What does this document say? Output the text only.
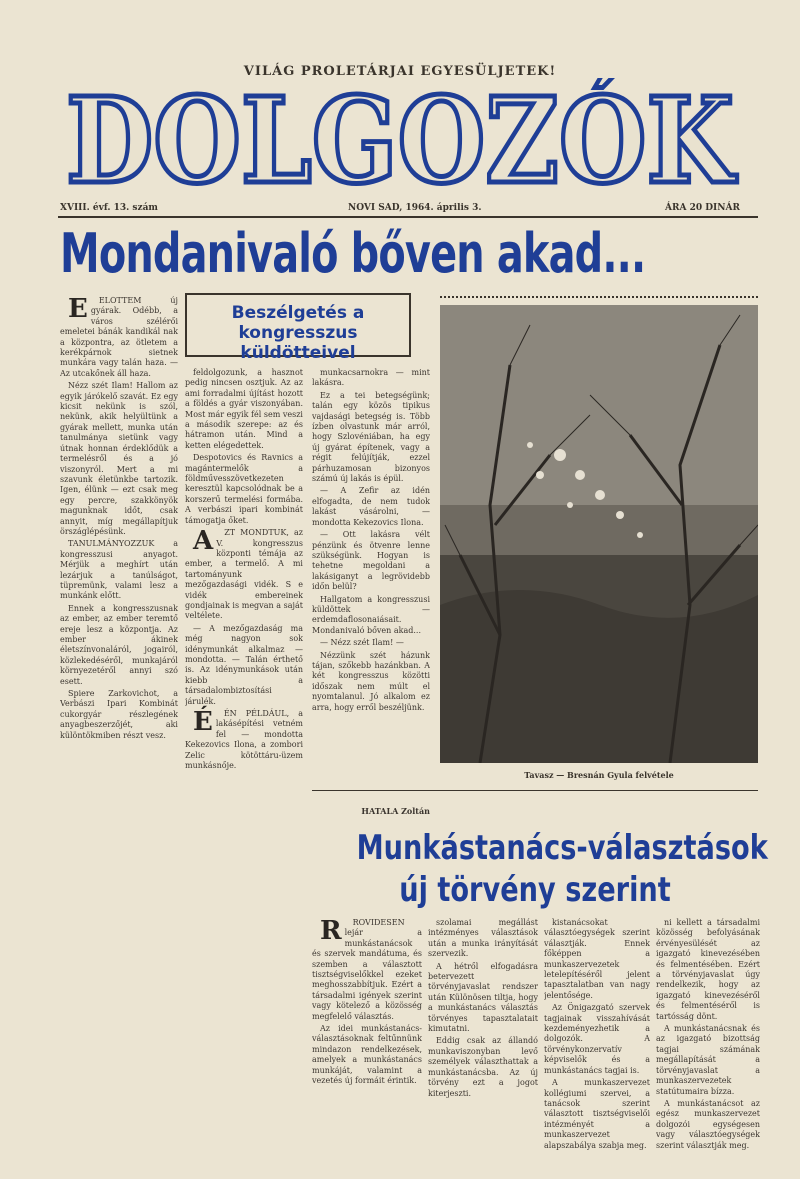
VILÁG PROLETÁRJAI EGYESÜLJETEK!
DOLGOZÓK
DOLGOZÓK
XVIII. évf. 13. szám	NOVI SAD, 1964. április 3.	ÁRA 20 DINÁR
Mondanivaló bőven akad...
Beszélgetés a kongresszus küldötteivel

E ELŐTTEM új gyárak. Odébb, a város szélérői emeletei bánák kandikál nak a központra, az ötletem a kerékpárnok sietnek munkára vagy talán haza. — Az utcakőnek áll haza.

Nézz szét Ilam! Hallom az egyik járókelő szavát. Ez egy kicsit nekünk is szól, nekünk, akik helyültünk a gyárak mellett, munka után tanulmánya sietünk vagy útnak honnan érdeklődük a termelésről és a jó viszonyról. Mert a mi szavunk életünkbe tartozik. Igen, élünk — ezt csak meg egy percre, szakkönyök magunknak időt, csak annyit, míg megállapítjuk örszáglépésünk.

TANULMÁNYOZZUK a kongresszusi anyagot. Mérjük a meghírt után lezárjuk a tanúlságot, tüpremünk, valami lesz a munkánk előtt.

Ennek a kongresszusnak az ember, az ember teremtő ereje lesz a központja. Az ember ákinek életszínvonaláról, jogairól, közlekedéséről, munkajáról környezetéről annyi szó esett.

Spiere Zarkovichot, a Verbászi Ipari Kombinát cukorgyár részlegének anyagbeszerzőjét, aki különtökmiben részt vesz.

feldolgozunk, a hasznot pedig nincsen osztjuk. Az az ami forradalmi újítást hozott a földés a gyár viszonyában. Most már egyik fél sem veszi a második szerepe: az és hátramon után. Mind a ketten elégedettek.

Despotovics és Ravnics a magántermelők a földművesszövetkezeten keresztül kapcsolódnak be a korszerű termelési formába. A verbászi ipari kombinát támogatja őket.

A ZT MONDTUK, az V. kongresszus központi témája az ember, a termelő. A mi tartományunk mezőgazdasági vidék. S e vidék embereinek gondjainak is megvan a saját veltélete.

— A mezőgazdaság ma még nagyon sok idénymunkát alkalmaz — mondotta. — Talán érthető is. Az idénymunkások után kiebb a társadalombiztosítási járulék.

É ÉN PÉLDÁUL, a lakásépítési vetném fel — mondotta Kekezovics Ilona, a zombori Zelic kötöttáru-üzem munkásnője.

munkacsarnokra — mint lakásra.

Ez a tei betegségünk; talán egy közös tipikus vajdasági betegség is. Több ízben olvastunk már arról, hogy Szlovéniában, ha egy új gyárat építenek, vagy a régit felújítják, ezzel párhuzamosan bizonyos számú új lakás is épül.

— A Zefir az idén elfogadta, de nem tudok lakást vásárolni, — mondotta Kekezovics Ilona.

— Ott lakásra vélt pénzünk és ötvenre lenne szükségünk. Hogyan is tehetne megoldani a lakásiganyt a legrövidebb időn belül?

Hallgatom a kongresszusi küldöttek — erdemdaflosonaiásait. Mondanivaló bőven akad...

— Nézz szét Ilam! —

Nézzünk szét házunk tájan, szőkebb hazánkban. A két kongresszus közötti időszak nem múlt el nyomtalanul. Jó alkalom ez arra, hogy erről beszéljünk.

HATALA Zoltán
Tavasz — Bresnán Gyula felvétele
Munkástanács-választások
új törvény szerint

R RÖVIDESEN lejár a munkástanácsok és szervek mandátuma, és szemben a választott tisztségviselőkkel ezeket meghosszabbítjuk. Ezért a társadalmi igények szerint vagy kötelező a közösség megfelelő választás.

Az idei munkástanács-választásoknak feltűnnünk mindazon rendelkezések, amelyek a munkástanács munkáját, valamint a vezetés új formáit érintik.

szolamai megállást intézményes választások után a munka irányítását szervezik.

A hétről elfogadásra betervezett törvényjavaslat rendszer után Különösen tiltja, hogy a munkástanács választás törvényes tapasztalatait kimutatni.

Eddig csak az állandó munkaviszonyban levő személyek választhattak a munkástanácsba. Az új törvény ezt a jogot kiterjeszti.

kistanácsokat választóegységek szerint választják. Ennek főképpen a munkaszervezetek letelepítéséről jelent tapasztalatban van nagy jelentősége.

Az Önigazgató szervek tagjainak visszahívását kezdeményezhetik a dolgozók. A törvénykonzervatív képviselők és a munkástanács tagjai is.

A munkaszervezet kollégiumi szervei, a tanácsok szerint választott tisztségviselői intézményét a munkaszervezet alapszabálya szabja meg.

ni kellett a társadalmi közösség befolyásának érvényesülését az igazgató kinevezésében és felmentésében. Ezért a törvényjavaslat úgy rendelkezik, hogy az igazgató kinevezéséről és felmentéséről is tartósság dönt.

A munkástanácsnak és az igazgató bizottság tagjai számának megállapítását a törvényjavaslat a munkaszervezetek statútumaira bízza.

A munkástanácsot az egész munkaszervezet dolgozói egységesen vagy választóegységek szerint választják meg.
